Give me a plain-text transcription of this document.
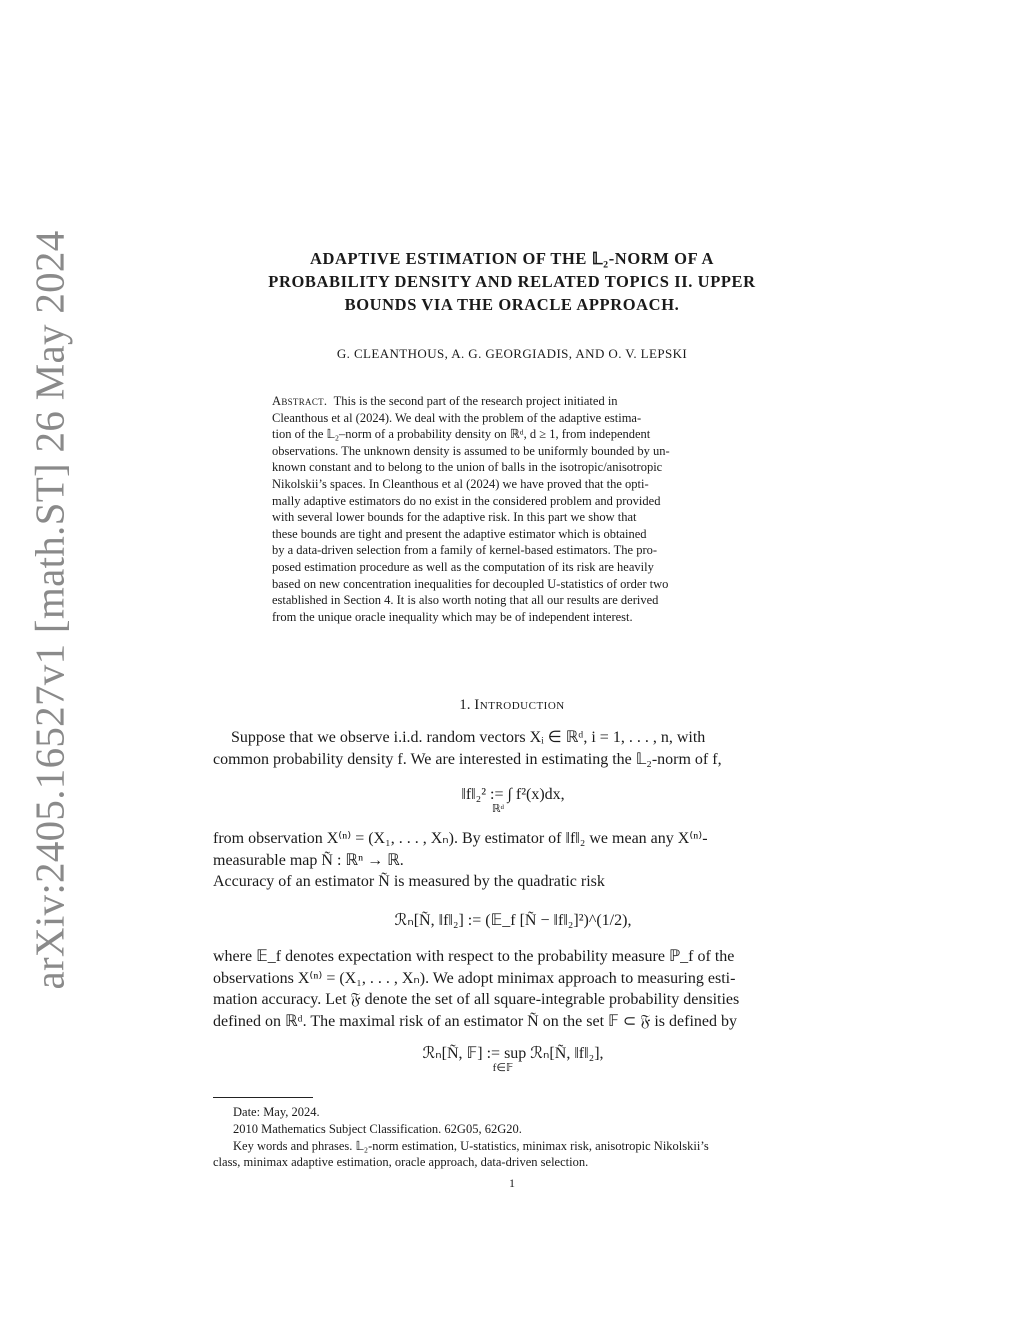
arXiv:2405.16527v1 [math.ST] 26 May 2024	ADAPTIVE ESTIMATION OF THE 𝕃₂-NORM OF A
PROBABILITY DENSITY AND RELATED TOPICS II. UPPER
BOUNDS VIA THE ORACLE APPROACH.
G. CLEANTHOUS, A. G. GEORGIADIS, AND O. V. LEPSKI
Abstract. This is the second part of the research project initiated in
Cleanthous et al (2024). We deal with the problem of the adaptive estima-
tion of the 𝕃₂–norm of a probability density on ℝᵈ, d ≥ 1, from independent
observations. The unknown density is assumed to be uniformly bounded by un-
known constant and to belong to the union of balls in the isotropic/anisotropic
Nikolskii’s spaces. In Cleanthous et al (2024) we have proved that the opti-
mally adaptive estimators do no exist in the considered problem and provided
with several lower bounds for the adaptive risk. In this part we show that
these bounds are tight and present the adaptive estimator which is obtained
by a data-driven selection from a family of kernel-based estimators. The pro-
posed estimation procedure as well as the computation of its risk are heavily
based on new concentration inequalities for decoupled U-statistics of order two
established in Section 4. It is also worth noting that all our results are derived
from the unique oracle inequality which may be of independent interest.
1. Introduction
Suppose that we observe i.i.d. random vectors Xᵢ ∈ ℝᵈ, i = 1, . . . , n, with
common probability density f. We are interested in estimating the 𝕃₂-norm of f,
‖f‖₂² := ∫ f²(x)dx,
ℝᵈ
from observation X⁽ⁿ⁾ = (X₁, . . . , Xₙ). By estimator of ‖f‖₂ we mean any X⁽ⁿ⁾-
measurable map Ñ : ℝⁿ → ℝ.
Accuracy of an estimator Ñ is measured by the quadratic risk
ℛₙ[Ñ, ‖f‖₂] := (𝔼_f [Ñ − ‖f‖₂]²)^(1/2),
where 𝔼_f denotes expectation with respect to the probability measure ℙ_f of the
observations X⁽ⁿ⁾ = (X₁, . . . , Xₙ). We adopt minimax approach to measuring esti-
mation accuracy. Let 𝔉 denote the set of all square-integrable probability densities
defined on ℝᵈ. The maximal risk of an estimator Ñ on the set 𝔽 ⊂ 𝔉 is defined by
ℛₙ[Ñ, 𝔽] := sup ℛₙ[Ñ, ‖f‖₂],
f∈𝔽
Date: May, 2024.
2010 Mathematics Subject Classification. 62G05, 62G20.
Key words and phrases. 𝕃₂-norm estimation, U-statistics, minimax risk, anisotropic Nikolskii’s
class, minimax adaptive estimation, oracle approach, data-driven selection.
1
